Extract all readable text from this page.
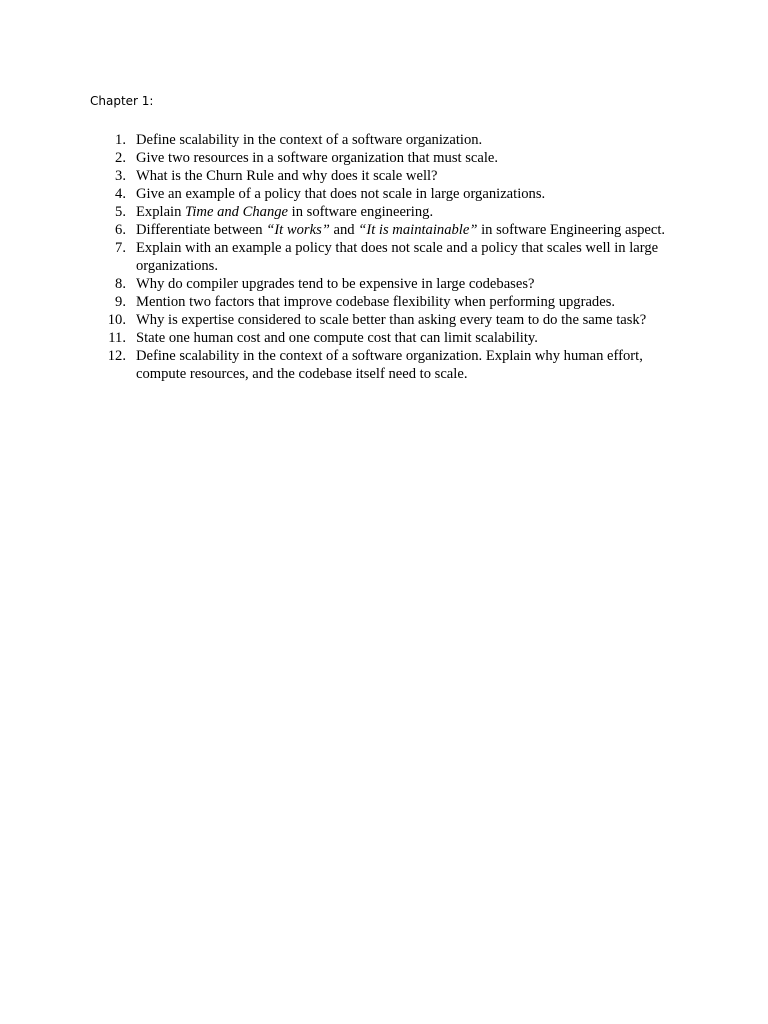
Chapter 1:
1. Define scalability in the context of a software organization.
2. Give two resources in a software organization that must scale.
3. What is the Churn Rule and why does it scale well?
4. Give an example of a policy that does not scale in large organizations.
5. Explain Time and Change in software engineering.
6. Differentiate between “It works” and “It is maintainable” in software Engineering aspect.
7. Explain with an example a policy that does not scale and a policy that scales well in large organizations.
8. Why do compiler upgrades tend to be expensive in large codebases?
9. Mention two factors that improve codebase flexibility when performing upgrades.
10. Why is expertise considered to scale better than asking every team to do the same task?
11. State one human cost and one compute cost that can limit scalability.
12. Define scalability in the context of a software organization. Explain why human effort, compute resources, and the codebase itself need to scale.
